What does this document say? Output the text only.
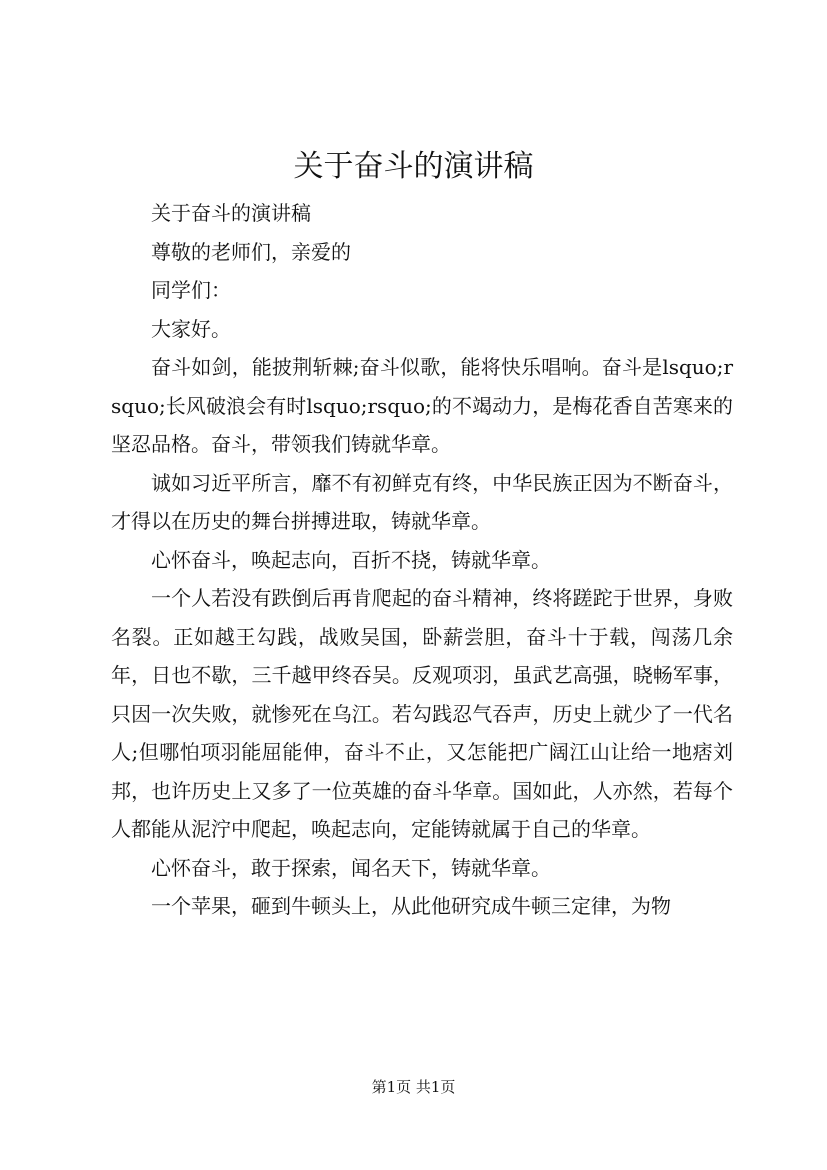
关于奋斗的演讲稿

关于奋斗的演讲稿

尊敬的老师们，亲爱的

同学们：

大家好。

奋斗如剑，能披荆斩棘;奋斗似歌，能将快乐唱响。奋斗是lsquo;rsquo;长风破浪会有时lsquo;rsquo;的不竭动力，是梅花香自苦寒来的坚忍品格。奋斗，带领我们铸就华章。

诚如习近平所言，靡不有初鲜克有终，中华民族正因为不断奋斗，才得以在历史的舞台拼搏进取，铸就华章。

心怀奋斗，唤起志向，百折不挠，铸就华章。

一个人若没有跌倒后再肯爬起的奋斗精神，终将蹉跎于世界，身败名裂。正如越王勾践，战败吴国，卧薪尝胆，奋斗十于载，闯荡几余年，日也不歇，三千越甲终吞吴。反观项羽，虽武艺高强，晓畅军事，只因一次失败，就惨死在乌江。若勾践忍气吞声，历史上就少了一代名人;但哪怕项羽能屈能伸，奋斗不止，又怎能把广阔江山让给一地痞刘邦，也许历史上又多了一位英雄的奋斗华章。国如此，人亦然，若每个人都能从泥泞中爬起，唤起志向，定能铸就属于自己的华章。

心怀奋斗，敢于探索，闻名天下，铸就华章。

一个苹果，砸到牛顿头上，从此他研究成牛顿三定律，为物

第1页 共1页
